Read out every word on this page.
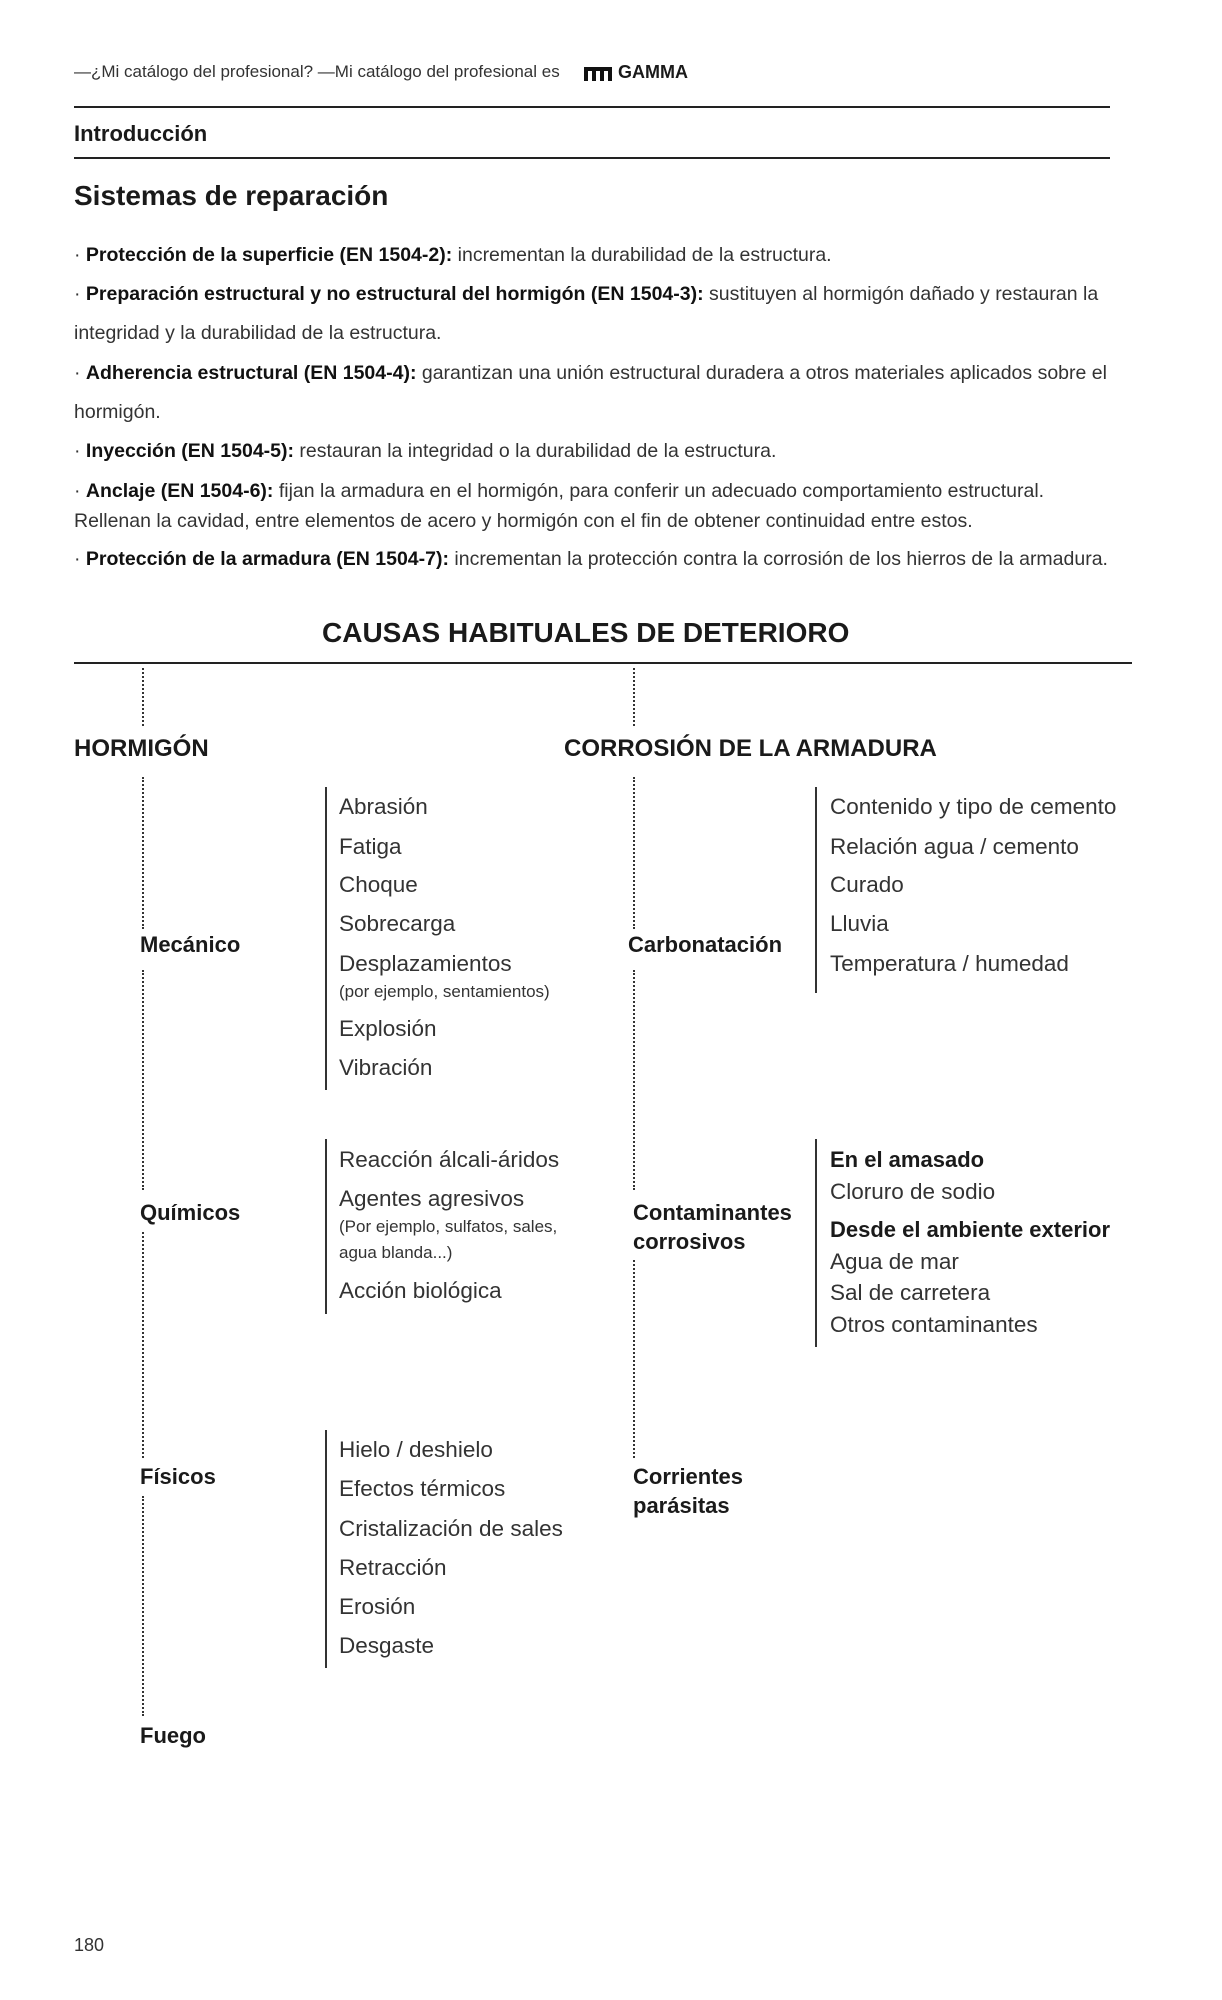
—¿Mi catálogo del profesional? —Mi catálogo del profesional es	GAMMA
Introducción
Sistemas de reparación
· Protección de la superficie (EN 1504-2): incrementan la durabilidad de la estructura.
· Preparación estructural y no estructural del hormigón (EN 1504-3): sustituyen al hormigón dañado y restauran la integridad y la durabilidad de la estructura.
· Adherencia estructural (EN 1504-4): garantizan una unión estructural duradera a otros materiales aplicados sobre el hormigón.
· Inyección (EN 1504-5): restauran la integridad o la durabilidad de la estructura.
· Anclaje (EN 1504-6): fijan la armadura en el hormigón, para conferir un adecuado comportamiento estructural. Rellenan la cavidad, entre elementos de acero y hormigón con el fin de obtener continuidad entre estos.
· Protección de la armadura (EN 1504-7): incrementan la protección contra la corrosión de los hierros de la armadura.
CAUSAS HABITUALES DE DETERIORO
HORMIGÓN	CORROSIÓN DE LA ARMADURA
Mecánico
Abrasión
Fatiga
Choque
Sobrecarga
Desplazamientos
(por ejemplo, sentamientos)
Explosión
Vibración
Carbonatación
Contenido y tipo de cemento
Relación agua / cemento
Curado
Lluvia
Temperatura / humedad
Químicos
Reacción álcali-áridos
Agentes agresivos
(Por ejemplo, sulfatos, sales,
agua blanda...)
Acción biológica
Contaminantes
corrosivos
En el amasado
Cloruro de sodio
Desde el ambiente exterior
Agua de mar
Sal de carretera
Otros contaminantes
Físicos
Hielo / deshielo
Efectos térmicos
Cristalización de sales
Retracción
Erosión
Desgaste
Corrientes
parásitas
Fuego
180
